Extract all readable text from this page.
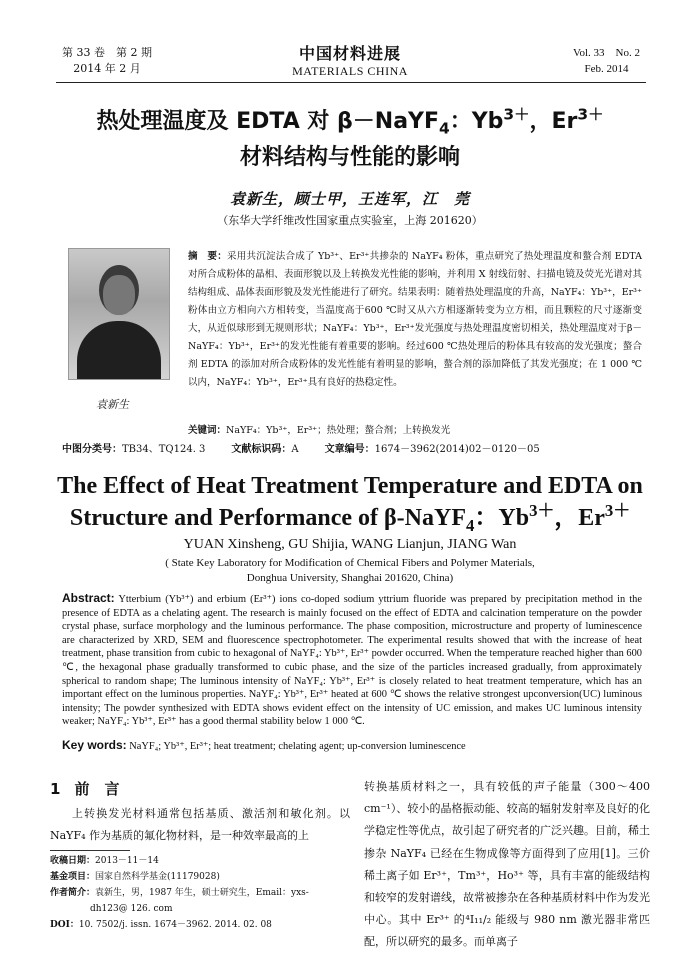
第 33 卷　第 2 期
2014 年 2 月
中国材料进展
MATERIALS CHINA
Vol. 33　No. 2
Feb. 2014
热处理温度及 EDTA 对 β－NaYF$_4$：$Yb^{3+}$，$Er^{3+}$
材料结构与性能的影响
袁新生，顾士甲，王连军，江　莞
（东华大学纤维改性国家重点实验室，上海 201620）
袁新生
摘　要：采用共沉淀法合成了 Yb³⁺、Er³⁺共掺杂的 NaYF₄ 粉体，重点研究了热处理温度和螯合剂 EDTA 对所合成粉体的晶相、表面形貌以及上转换发光性能的影响，并利用 X 射线衍射、扫描电镜及荧光光谱对其结构组成、晶体表面形貌及发光性能进行了研究。结果表明：随着热处理温度的升高，NaYF₄：Yb³⁺，Er³⁺粉体由立方相向六方相转变，当温度高于600 ℃时又从六方相逐渐转变为立方相，而且颗粒的尺寸逐渐变大，从近似球形到无规则形状；NaYF₄：Yb³⁺，Er³⁺发光强度与热处理温度密切相关，热处理温度对于β－NaYF₄：Yb³⁺，Er³⁺的发光性能有着重要的影响。经过600 ℃热处理后的粉体具有较高的发光强度；螯合剂 EDTA 的添加对所合成粉体的发光性能有着明显的影响，螯合剂的添加降低了其发光强度；在 1 000 ℃以内，NaYF₄：Yb³⁺，Er³⁺具有良好的热稳定性。
关键词：NaYF₄：Yb³⁺，Er³⁺；热处理；螯合剂；上转换发光
中图分类号：TB34、TQ124. 3	文献标识码：A	文章编号：1674－3962(2014)02－0120－05
The Effect of Heat Treatment Temperature and EDTA on
Structure and Performance of β-NaYF$_4$：$Yb^{3+}$，$Er^{3+}$
YUAN Xinsheng, GU Shijia, WANG Lianjun, JIANG Wan
( State Key Laboratory for Modification of Chemical Fibers and Polymer Materials,
Donghua University, Shanghai 201620, China)
Abstract: Ytterbium (Yb³⁺) and erbium (Er³⁺) ions co-doped sodium yttrium fluoride was prepared by precipitation method in the presence of EDTA as a chelating agent. The research is mainly focused on the effect of EDTA and calcination temperature on the powder crystal phase, surface morphology and the luminous performance. The phase composition, microstructure and property of luminescence are characterized by XRD, SEM and fluorescence spectrophotometer. The experimental results showed that with the increase of heat treatment, phase transition from cubic to hexagonal of NaYF₄: Yb³⁺, Er³⁺ powder occurred. When the temperature reached higher than 600 ℃, the hexagonal phase gradually transformed to cubic phase, and the size of the particles increased gradually, from approximately spherical to random shape; The luminous intensity of NaYF₄: Yb³⁺, Er³⁺ is closely related to heat treatment temperature, which has an important effect on the luminous properties. NaYF₄: Yb³⁺, Er³⁺ heated at 600 ℃ shows the relative strongest upconversion(UC) luminous intensity; The powder synthesized with EDTA shows evident effect on the intensity of UC emission, and makes UC luminous intensity weaker; NaYF₄: Yb³⁺, Er³⁺ has a good thermal stability below 1 000 ℃.
Key words: NaYF₄; Yb³⁺, Er³⁺; heat treatment; chelating agent; up-conversion luminescence
1 前　言
上转换发光材料通常包括基质、激活剂和敏化剂。以 NaYF₄ 作为基质的氟化物材料，是一种效率最高的上
收稿日期：2013－11－14
基金项目：国家自然科学基金(11179028)
作者简介：袁新生，男，1987 年生，硕士研究生，Email：yxs-
dh123@ 126. com
DOI：10. 7502/j. issn. 1674－3962. 2014. 02. 08
转换基质材料之一，具有较低的声子能量（300～400 cm⁻¹）、较小的晶格振动能、较高的辐射发射率及良好的化学稳定性等优点，故引起了研究者的广泛兴趣。目前，稀土掺杂 NaYF₄ 已经在生物成像等方面得到了应用[1]。三价稀土离子如 Er³⁺，Tm³⁺，Ho³⁺ 等，具有丰富的能级结构和较窄的发射谱线，故常被掺杂在各种基质材料中作为发光中心。其中 Er³⁺ 的⁴I₁₁/₂ 能级与 980 nm 激光器非常匹配，所以研究的最多。而单离子
